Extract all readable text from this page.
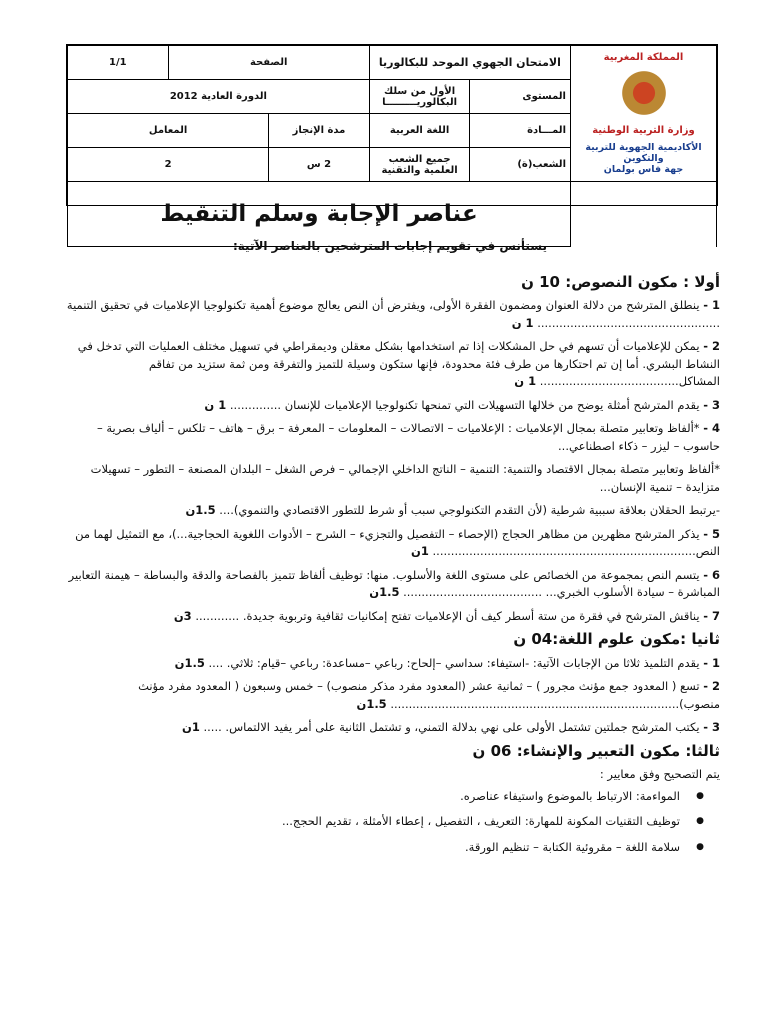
المملكة المغربية
وزارة التربية الوطنية
الأكاديمية الجهوية للتربية والتكوين
جهة فاس بولمان	الامتحان الجهوي الموحد للبكالوريا		الصفحة		1/1
	المستوى	الأول من سلك البكالوريـــــــــا	الدورة العادية 2012		
	المـــادة	اللغة العربية	مدة الإنجاز	المعامل	
	الشعب(ة)	جميع الشعب العلمية والتقنية	2 س	2	
	عناصر الإجابة وسلم التنقيط				

يستأنس في تقويم إجابات المترشحين بالعناصر الآتية:

أولا : مكون النصوص: 10 ن

1 - ينطلق المترشح من دلالة العنوان ومضمون الفقرة الأولى، ويفترض أن النص يعالج موضوع أهمية تكنولوجيا الإعلاميات في تحقيق التنمية .................................................. 1 ن

2 - يمكن للإعلاميات أن تسهم في حل المشكلات إذا تم استخدامها بشكل معقلن وديمقراطي في تسهيل مختلف العمليات التي تدخل في النشاط البشري. أما إن تم احتكارها من طرف فئة محدودة، فإنها ستكون وسيلة للتميز والتفرقة ومن ثمة ستزيد من تفاقم المشاكل...................................... 1 ن

3 - يقدم المترشح أمثلة يوضح من خلالها التسهيلات التي تمنحها تكنولوجيا الإعلاميات للإنسان .............. 1 ن

4 - *ألفاظ وتعابير متصلة بمجال الإعلاميات : الإعلاميات – الاتصالات – المعلومات – المعرفة – برق – هاتف – تلكس – ألياف بصرية – حاسوب – ليزر – ذكاء اصطناعي...

*ألفاظ وتعابير متصلة بمجال الاقتصاد والتنمية: التنمية – الناتج الداخلي الإجمالي – فرص الشغل – البلدان المصنعة – التطور – تسهيلات متزايدة – تنمية الإنسان...

-يرتبط الحقلان بعلاقة سببية شرطية (لأن التقدم التكنولوجي سبب أو شرط للتطور الاقتصادي والتنموي).... 1.5ن

5 - يذكر المترشح مظهرين من مظاهر الحجاج (الإحصاء – التفصيل والتجزيء – الشرح – الأدوات اللغوية الحجاجية...)، مع التمثيل لهما من النص........................................................................ 1ن

6 - يتسم النص بمجموعة من الخصائص على مستوى اللغة والأسلوب. منها: توظيف ألفاظ تتميز بالفصاحة والدقة والبساطة – هيمنة التعابير المباشرة – سيادة الأسلوب الخبري... ...................................... 1.5ن

7 - يناقش المترشح في فقرة من ستة أسطر كيف أن الإعلاميات تفتح إمكانيات ثقافية وتربوية جديدة. ............ 3ن

ثانيا :مكون علوم اللغة:04 ن

1 - يقدم التلميذ ثلاثا من الإجابات الآتية: -استيفاء: سداسي –إلحاح: رباعي –مساعدة: رباعي –قيام: ثلاثي. .... 1.5ن

2 - تسع ( المعدود جمع مؤنث مجرور ) – ثمانية عشر (المعدود مفرد مذكر منصوب) – خمس وسبعون ( المعدود مفرد مؤنث منصوب)............................................................................... 1.5ن

3 - يكتب المترشح جملتين تشتمل الأولى على نهي بدلالة التمني، و تشتمل الثانية على أمر يفيد الالتماس. ..... 1ن

ثالثا: مكون التعبير والإنشاء: 06 ن

يتم التصحيح وفق معايير :

● المواءمة: الارتباط بالموضوع واستيفاء عناصره.
● توظيف التقنيات المكونة للمهارة: التعريف ، التفصيل ، إعطاء الأمثلة ، تقديم الحجج...
● سلامة اللغة – مقروئية الكتابة – تنظيم الورقة.
